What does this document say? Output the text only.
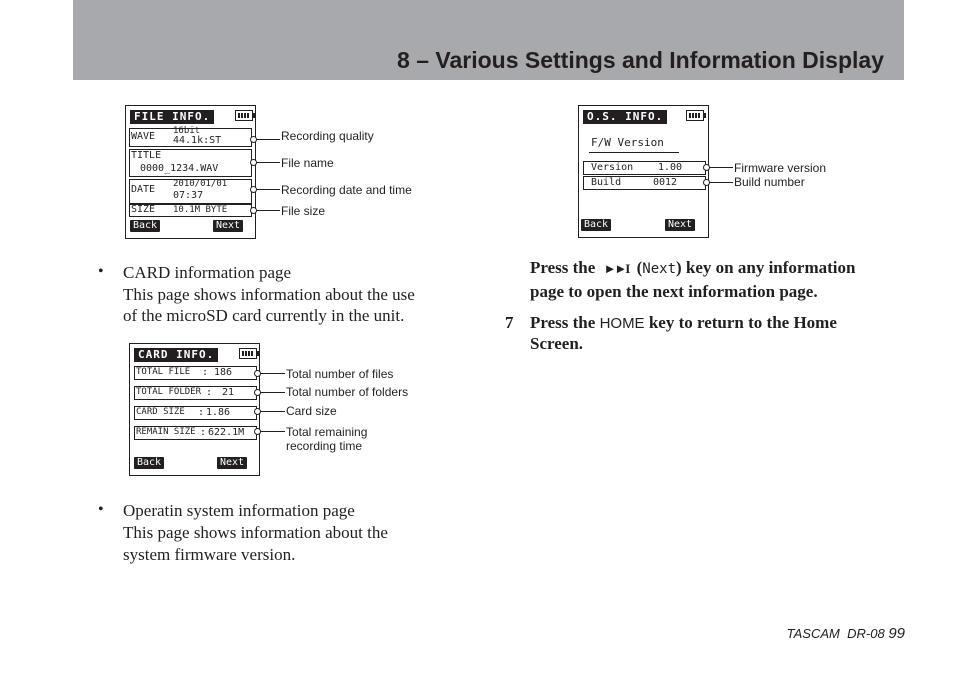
8 – Various Settings and Information Display
FILE INFO.
WAVE 16bit
44.1k:ST
TITLE
0000_1234.WAV
DATE 2010/01/01
07:37
SIZE 10.1M BYTE
Back	Next
Recording quality
File name
Recording date and time
File size
• CARD information page
This page shows information about the use
of the microSD card currently in the unit.
CARD INFO.
TOTAL FILE : 186
TOTAL FOLDER : 21
CARD SIZE : 1.86
REMAIN SIZE : 622.1M
Back	Next
Total number of files
Total number of folders
Card size
Total remaining
recording time
• Operatin system information page
This page shows information about the
system firmware version.
O.S. INFO.
F/W Version
Version 1.00
Build	0012
Back	Next
Firmware version
Build number
Press the ►►I (Next) key on any information
page to open the next information page.
7 Press the HOME key to return to the Home
Screen.
TASCAM DR-08 99
